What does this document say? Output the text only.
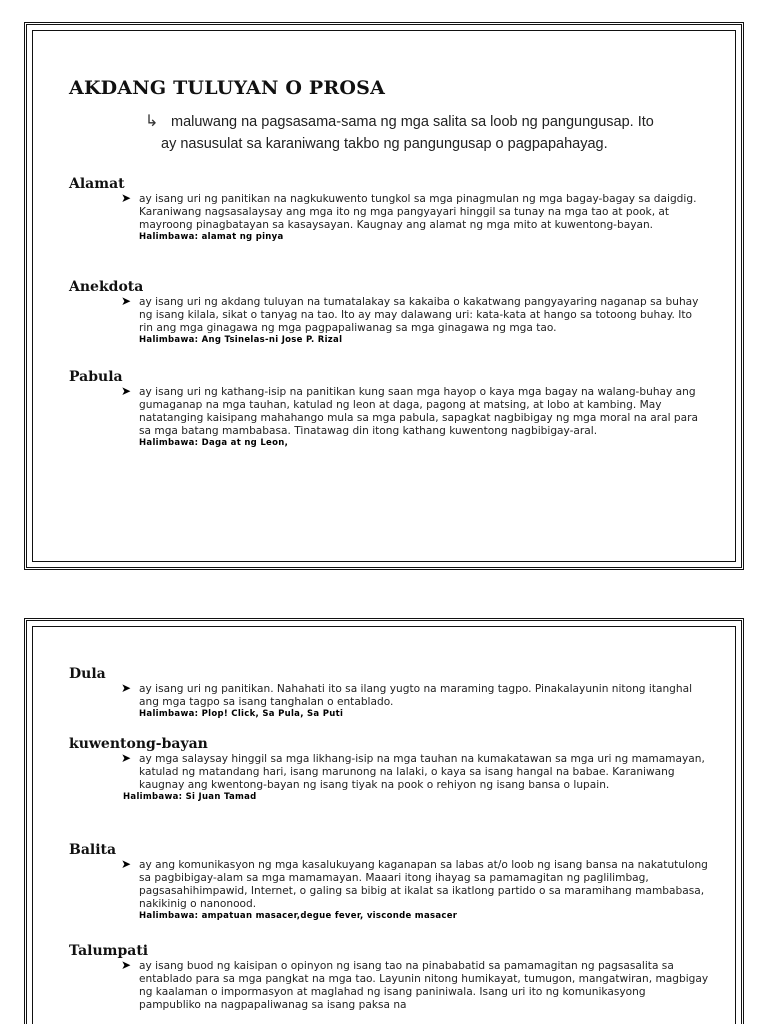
AKDANG TULUYAN O PROSA
↳ maluwang na pagsasama-sama ng mga salita sa loob ng pangungusap. Ito
ay nasusulat sa karaniwang takbo ng pangungusap o pagpapahayag.
Alamat
➤ ay isang uri ng panitikan na nagkukuwento tungkol sa mga pinagmulan ng mga bagay-bagay sa daigdig. Karaniwang nagsasalaysay ang mga ito ng mga pangyayari hinggil sa tunay na mga tao at pook, at mayroong pinagbatayan sa kasaysayan. Kaugnay ang alamat ng mga mito at kuwentong-bayan.
Halimbawa: alamat ng pinya
Anekdota
➤ ay isang uri ng akdang tuluyan na tumatalakay sa kakaiba o kakatwang pangyayaring naganap sa buhay ng isang kilala, sikat o tanyag na tao. Ito ay may dalawang uri: kata-kata at hango sa totoong buhay. Ito rin ang mga ginagawa ng mga pagpapaliwanag sa mga ginagawa ng mga tao.
Halimbawa: Ang Tsinelas-ni Jose P. Rizal
Pabula
➤ ay isang uri ng kathang-isip na panitikan kung saan mga hayop o kaya mga bagay na walang-buhay ang gumaganap na mga tauhan, katulad ng leon at daga, pagong at matsing, at lobo at kambing. May natatanging kaisipang mahahango mula sa mga pabula, sapagkat nagbibigay ng mga moral na aral para sa mga batang mambabasa. Tinatawag din itong kathang kuwentong nagbibigay-aral.
Halimbawa: Daga at ng Leon,
Dula
➤ ay isang uri ng panitikan. Nahahati ito sa ilang yugto na maraming tagpo. Pinakalayunin nitong itanghal ang mga tagpo sa isang tanghalan o entablado.
Halimbawa: Plop! Click, Sa Pula, Sa Puti
kuwentong-bayan
➤ ay mga salaysay hinggil sa mga likhang-isip na mga tauhan na kumakatawan sa mga uri ng mamamayan, katulad ng matandang hari, isang marunong na lalaki, o kaya sa isang hangal na babae. Karaniwang kaugnay ang kwentong-bayan ng isang tiyak na pook o rehiyon ng isang bansa o lupain.
Halimbawa: Si Juan Tamad
Balita
➤ ay ang komunikasyon ng mga kasalukuyang kaganapan sa labas at/o loob ng isang bansa na nakatutulong sa pagbibigay-alam sa mga mamamayan. Maaari itong ihayag sa pamamagitan ng paglilimbag, pagsasahihimpawid, Internet, o galing sa bibig at ikalat sa ikatlong partido o sa maramihang mambabasa, nakikinig o nanonood.
Halimbawa: ampatuan masacer,degue fever, visconde masacer
Talumpati
➤ ay isang buod ng kaisipan o opinyon ng isang tao na pinababatid sa pamamagitan ng pagsasalita sa entablado para sa mga pangkat na mga tao. Layunin nitong humikayat, tumugon, mangatwiran, magbigay ng kaalaman o impormasyon at maglahad ng isang paniniwala. Isang uri ito ng komunikasyong pampubliko na nagpapaliwanag sa isang paksa na
